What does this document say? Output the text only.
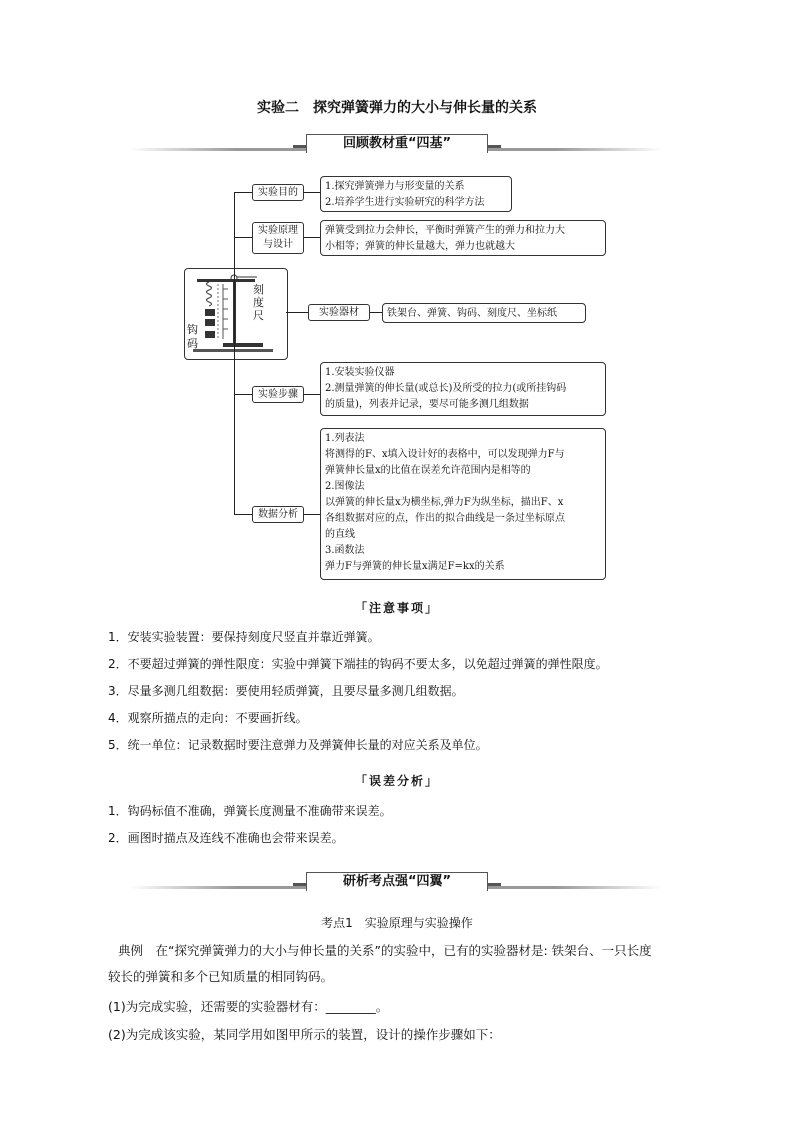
实验二　探究弹簧弹力的大小与伸长量的关系
回顾教材重“四基”
刻度尺
钩码
实验目的
实验原理与设计
实验器材
实验步骤
数据分析
1.探究弹簧弹力与形变量的关系
2.培养学生进行实验研究的科学方法
弹簧受到拉力会伸长，平衡时弹簧产生的弹力和拉力大
小相等；弹簧的伸长量越大，弹力也就越大
铁架台、弹簧、钩码、刻度尺、坐标纸
1.安装实验仪器
2.测量弹簧的伸长量(或总长)及所受的拉力(或所挂钩码
的质量)，列表并记录，要尽可能多测几组数据
1.列表法
将测得的F、x填入设计好的表格中，可以发现弹力F与
弹簧伸长量x的比值在误差允许范围内是相等的
2.图像法
以弹簧的伸长量x为横坐标,弹力F为纵坐标，描出F、x
各组数据对应的点，作出的拟合曲线是一条过坐标原点
的直线
3.函数法
弹力F与弹簧的伸长量x满足F=kx的关系
「注意事项」
1．安装实验装置：要保持刻度尺竖直并靠近弹簧。
2．不要超过弹簧的弹性限度：实验中弹簧下端挂的钩码不要太多，以免超过弹簧的弹性限度。
3．尽量多测几组数据：要使用轻质弹簧，且要尽量多测几组数据。
4．观察所描点的走向：不要画折线。
5．统一单位：记录数据时要注意弹力及弹簧伸长量的对应关系及单位。
「误差分析」
1．钩码标值不准确，弹簧长度测量不准确带来误差。
2．画图时描点及连线不准确也会带来误差。
研析考点强“四翼”
考点1　实验原理与实验操作
典例　在“探究弹簧弹力的大小与伸长量的关系”的实验中，已有的实验器材是: 铁架台、一只长度
较长的弹簧和多个已知质量的相同钩码。
(1)为完成实验，还需要的实验器材有：________。
(2)为完成该实验，某同学用如图甲所示的装置，设计的操作步骤如下：
